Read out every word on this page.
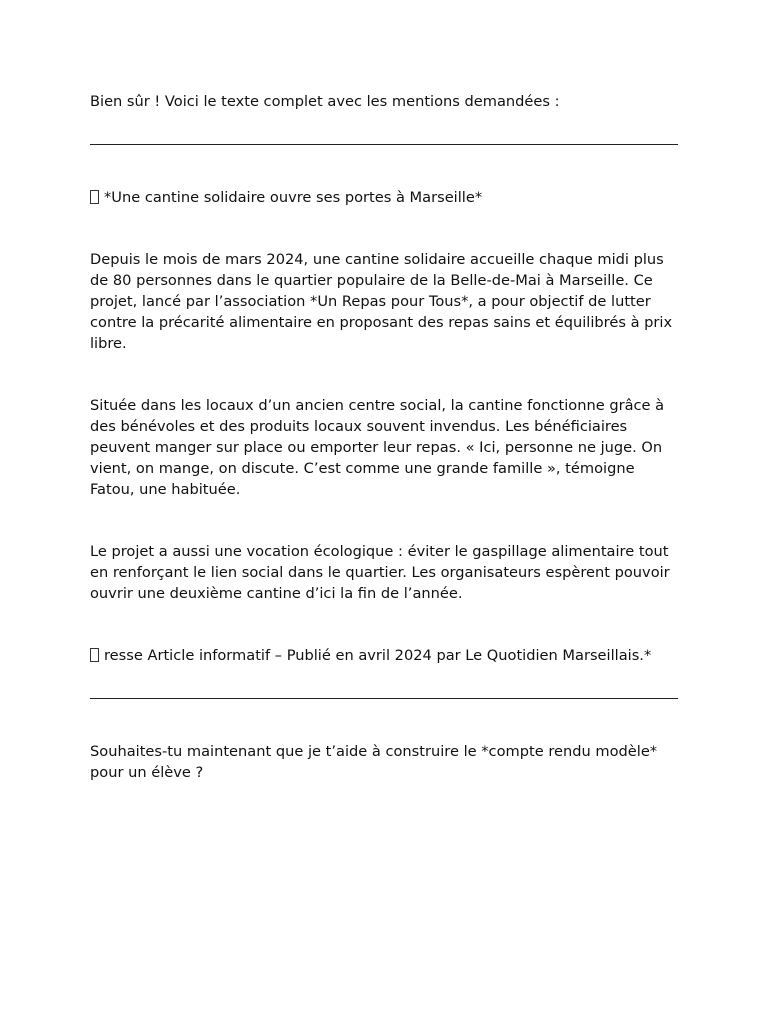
Bien sûr ! Voici le texte complet avec les mentions demandées :

*Une cantine solidaire ouvre ses portes à Marseille*

Depuis le mois de mars 2024, une cantine solidaire accueille chaque midi plus de 80 personnes dans le quartier populaire de la Belle-de-Mai à Marseille. Ce projet, lancé par l’association *Un Repas pour Tous*, a pour objectif de lutter contre la précarité alimentaire en proposant des repas sains et équilibrés à prix libre.

Située dans les locaux d’un ancien centre social, la cantine fonctionne grâce à des bénévoles et des produits locaux souvent invendus. Les bénéficiaires peuvent manger sur place ou emporter leur repas. « Ici, personne ne juge. On vient, on mange, on discute. C’est comme une grande famille », témoigne Fatou, une habituée.

Le projet a aussi une vocation écologique : éviter le gaspillage alimentaire tout en renforçant le lien social dans le quartier. Les organisateurs espèrent pouvoir ouvrir une deuxième cantine d’ici la fin de l’année.

resse Article informatif – Publié en avril 2024 par Le Quotidien Marseillais.*

Souhaites-tu maintenant que je t’aide à construire le *compte rendu modèle* pour un élève ?
